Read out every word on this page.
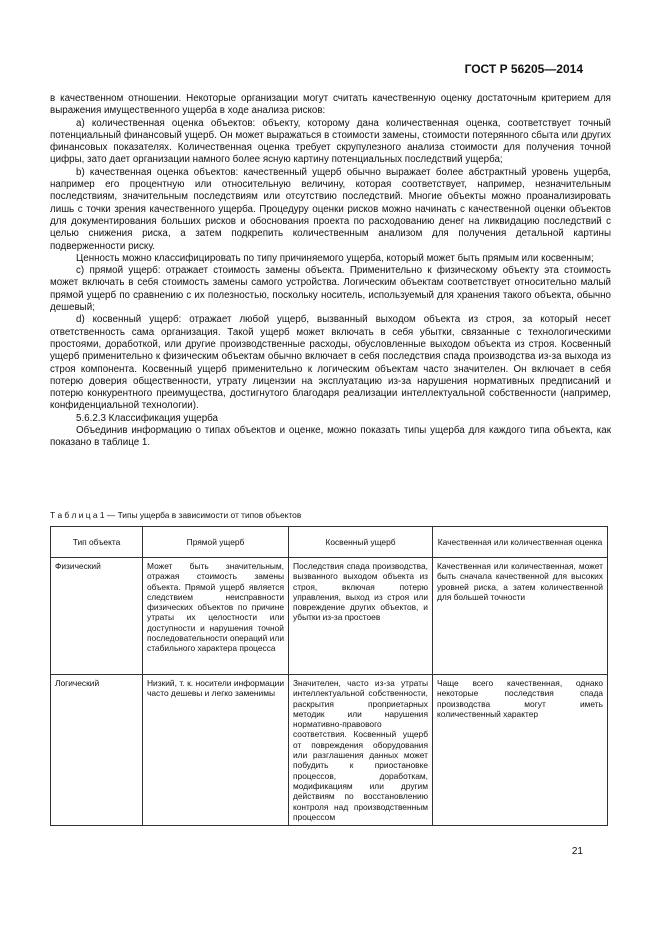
ГОСТ Р 56205—2014

в качественном отношении. Некоторые организации могут считать качественную оценку достаточным критерием для выражения имущественного ущерба в ходе анализа рисков:

a) количественная оценка объектов: объекту, которому дана количественная оценка, соответствует точный потенциальный финансовый ущерб. Он может выражаться в стоимости замены, стоимости потерянного сбыта или других финансовых показателях. Количественная оценка требует скрупулезного анализа стоимости для получения точной цифры, зато дает организации намного более ясную картину потенциальных последствий ущерба;

b) качественная оценка объектов: качественный ущерб обычно выражает более абстрактный уровень ущерба, например его процентную или относительную величину, которая соответствует, например, незначительным последствиям, значительным последствиям или отсутствию последствий. Многие объекты можно проанализировать лишь с точки зрения качественного ущерба. Процедуру оценки рисков можно начинать с качественной оценки объектов для документирования больших рисков и обоснования проекта по расходованию денег на ликвидацию последствий с целью снижения риска, а затем подкрепить количественным анализом для получения детальной картины подверженности риску.

Ценность можно классифицировать по типу причиняемого ущерба, который может быть прямым или косвенным;

c) прямой ущерб: отражает стоимость замены объекта. Применительно к физическому объекту эта стоимость может включать в себя стоимость замены самого устройства. Логическим объектам соответствует относительно малый прямой ущерб по сравнению с их полезностью, поскольку носитель, используемый для хранения такого объекта, обычно дешевый;

d) косвенный ущерб: отражает любой ущерб, вызванный выходом объекта из строя, за который несет ответственность сама организация. Такой ущерб может включать в себя убытки, связанные с технологическими простоями, доработкой, или другие производственные расходы, обусловленные выходом объекта из строя. Косвенный ущерб применительно к физическим объектам обычно включает в себя последствия спада производства из-за выхода из строя компонента. Косвенный ущерб применительно к логическим объектам часто значителен. Он включает в себя потерю доверия общественности, утрату лицензии на эксплуатацию из-за нарушения нормативных предписаний и потерю конкурентного преимущества, достигнутого благодаря реализации интеллектуальной собственности (например, конфиденциальной технологии).

5.6.2.3 Классификация ущерба

Объединив информацию о типах объектов и оценке, можно показать типы ущерба для каждого типа объекта, как показано в таблице 1.

Т а б л и ц а 1 — Типы ущерба в зависимости от типов объектов
Тип объекта	Прямой ущерб	Косвенный ущерб	Качественная или количественная оценка
Физический	Может быть значительным, отражая стоимость замены объекта. Прямой ущерб является следствием неисправности физических объектов по причине утраты их целостности или доступности и нарушения точной последовательности операций или стабильного характера процесса	Последствия спада производства, вызванного выходом объекта из строя, включая потерю управления, выход из строя или повреждение других объектов, и убытки из-за простоев	Качественная или количественная, может быть сначала качественной для высоких уровней риска, а затем количественной для большей точности
Логический	Низкий, т. к. носители информации часто дешевы и легко заменимы	Значителен, часто из-за утраты интеллектуальной собственности, раскрытия проприетарных методик или нарушения нормативно-правового соответствия. Косвенный ущерб от повреждения оборудования или разглашения данных может побудить к приостановке процессов, доработкам, модификациям или другим действиям по восстановлению контроля над производственным процессом	Чаще всего качественная, однако некоторые последствия спада производства могут иметь количественный характер
21
